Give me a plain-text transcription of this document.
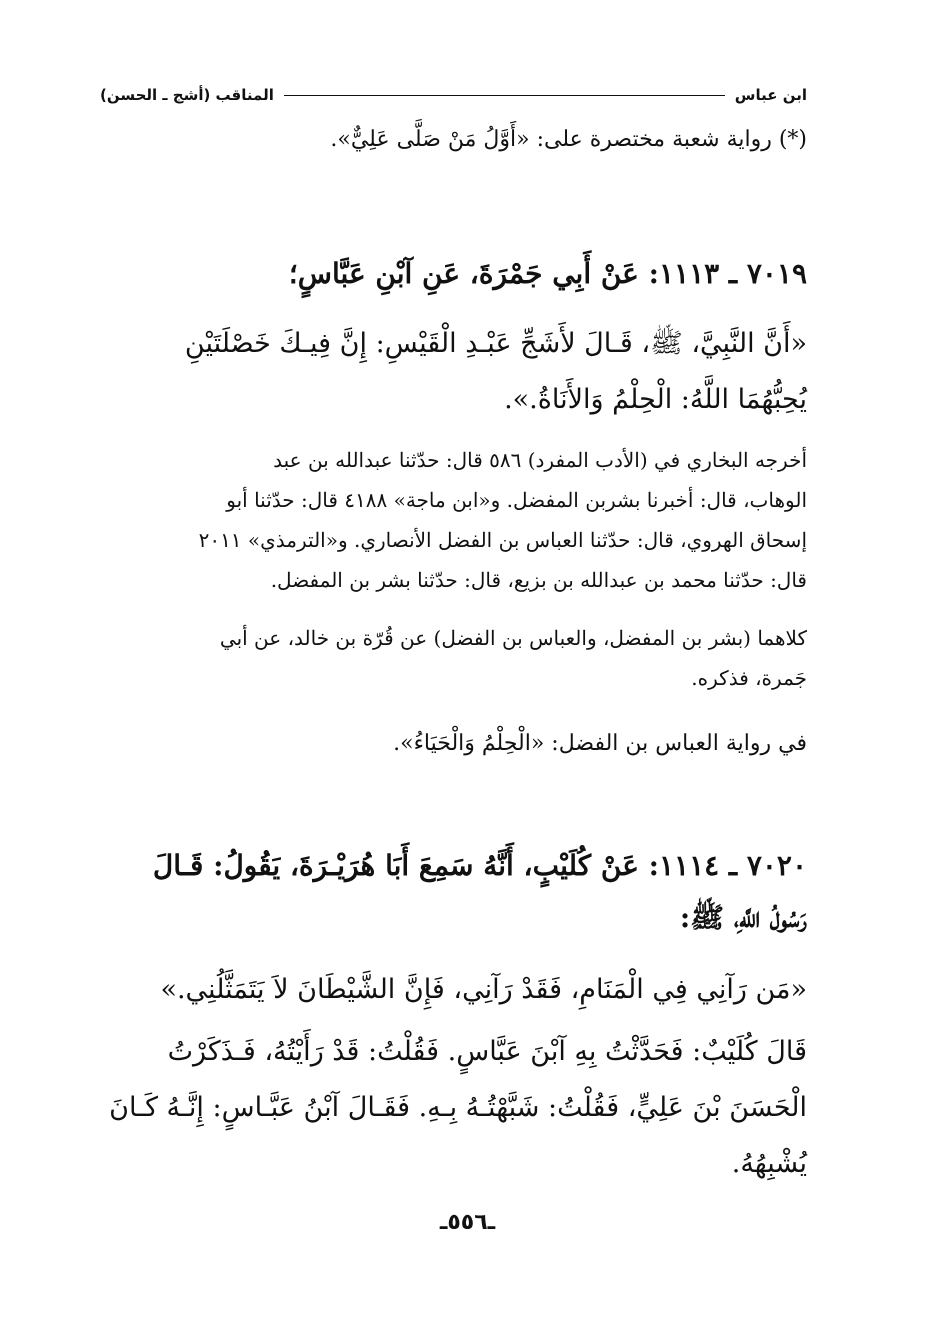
المناقب (أشج ـ الحسن)	ابن عباس
(*) رواية شعبة مختصرة على: «أَوَّلُ مَنْ صَلَّى عَلِيٌّ».
٧٠١٩ ـ ١١١٣: عَنْ أَبِي جَمْرَةَ، عَنِ آبْنِ عَبَّاسٍ؛
«أَنَّ النَّبِيَّ، ﷺ، قَـالَ لأَشَجِّ عَبْـدِ الْقَيْسِ: إِنَّ فِيـكَ خَصْلَتَيْنِ
يُحِبُّهُمَا اللَّهُ: الْحِلْمُ وَالأَنَاةُ.».
أخرجه البخاري في (الأدب المفرد) ٥٨٦ قال: حدّثنا عبدالله بن عبد
الوهاب، قال: أخبرنا بشربن المفضل. و«ابن ماجة» ٤١٨٨ قال: حدّثنا أبو
إسحاق الهروي، قال: حدّثنا العباس بن الفضل الأنصاري. و«الترمذي» ٢٠١١
قال: حدّثنا محمد بن عبدالله بن بزيع، قال: حدّثنا بشر بن المفضل.
كلاهما (بشر بن المفضل، والعباس بن الفضل) عن قُرّة بن خالد، عن أبي
جَمرة، فذكره.
في رواية العباس بن الفضل: «الْحِلْمُ وَالْحَيَاءُ».
٧٠٢٠ ـ ١١١٤: عَنْ كُلَيْبٍ، أَنَّهُ سَمِعَ أَبَا هُرَيْـرَةَ، يَقُولُ: قَـالَ
رَسُولُ اللَّهِ، ﷺ:
«مَن رَآنِي فِي الْمَنَامِ، فَقَدْ رَآنِي، فَإِنَّ الشَّيْطَانَ لاَ يَتَمَثَّلُنِي.»
قَالَ كُلَيْبٌ: فَحَدَّثْتُ بِهِ آبْنَ عَبَّاسٍ. فَقُلْتُ: قَدْ رَأَيْتُهُ، فَـذَكَرْتُ
الْحَسَنَ بْنَ عَلِيٍّ، فَقُلْتُ: شَبَّهْتُـهُ بِـهِ. فَقَـالَ آبْنُ عَبَّـاسٍ: إِنَّـهُ كَـانَ
يُشْبِهُهُ.
ـ٥٥٦ـ
